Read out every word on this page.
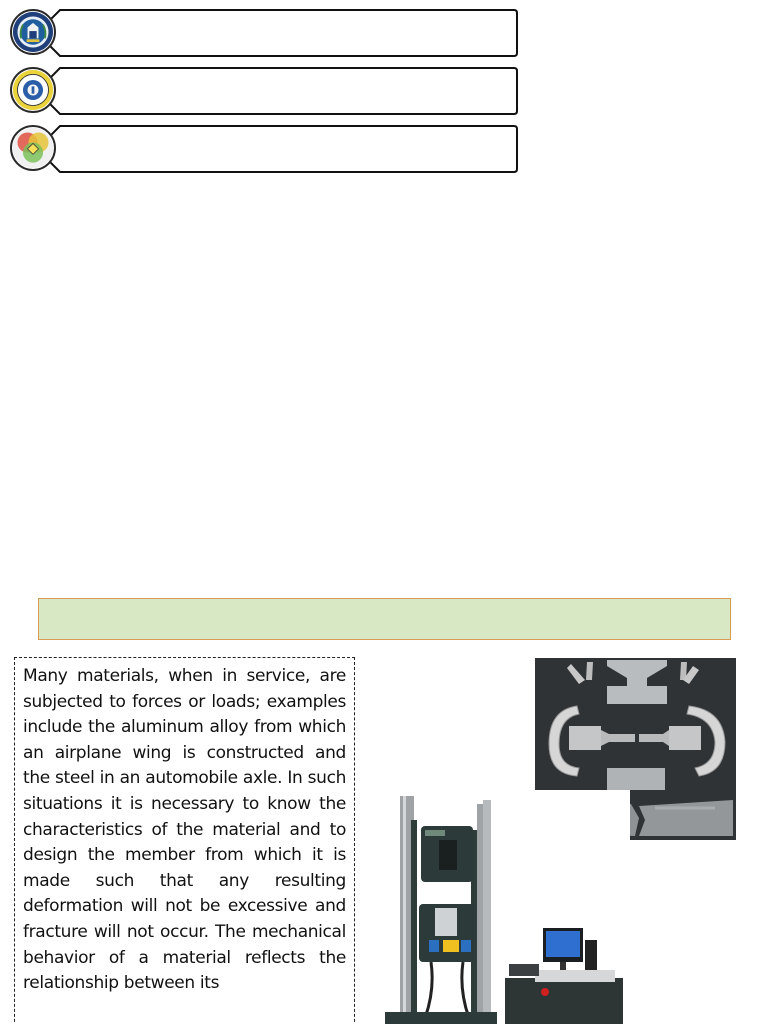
Many materials, when in service, are subjected to forces or loads; examples include the aluminum alloy from which an airplane wing is constructed and the steel in an automobile axle. In such situations it is necessary to know the characteristics of the material and to design the member from which it is made such that any resulting deformation will not be excessive and fracture will not occur. The mechanical behavior of a material reflects the relationship between its
